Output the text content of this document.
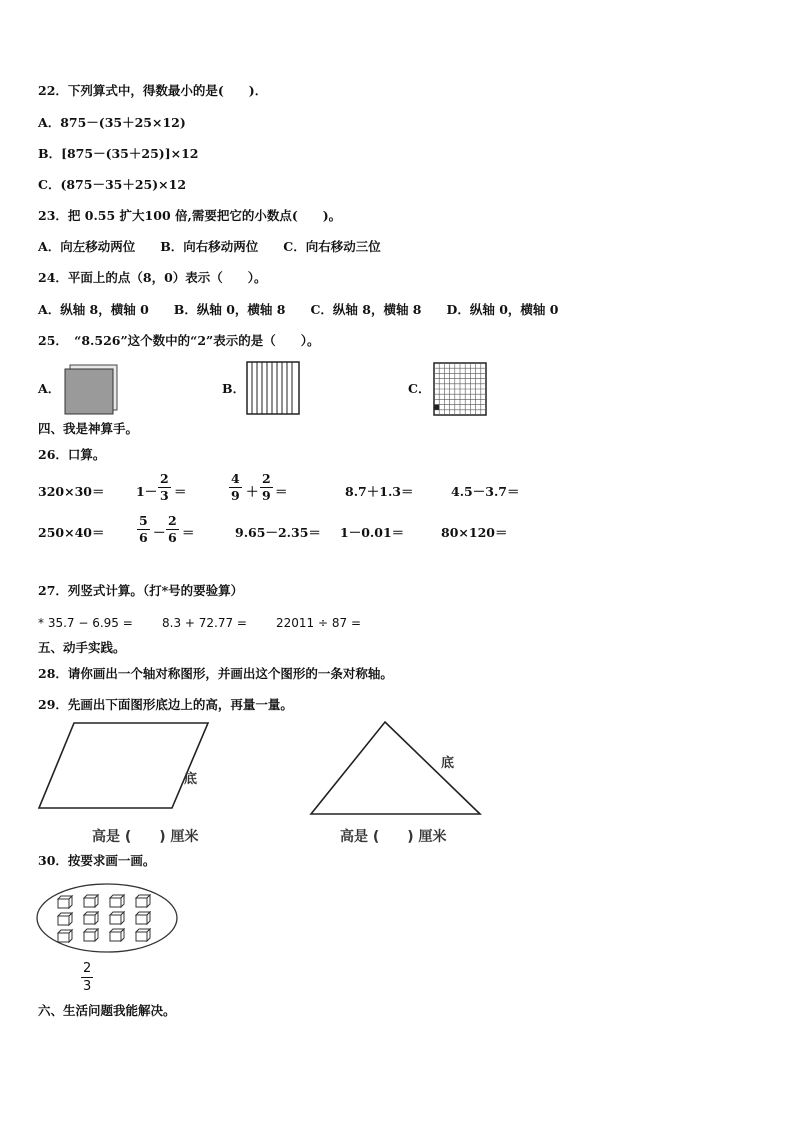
22．下列算式中，得数最小的是(　　)．
A．875－(35＋25×12)
B．[875－(35＋25)]×12
C．(875－35＋25)×12
23．把 0.55 扩大100 倍,需要把它的小数点(　　)。
A．向左移动两位　　B．向右移动两位　　C．向右移动三位
24．平面上的点（8，0）表示（　　）。
A．纵轴 8，横轴 0　　B．纵轴 0，横轴 8　　C．纵轴 8，横轴 8　　D．纵轴 0，横轴 0
25．　“8.526”这个数中的“2”表示的是（　　）。
A．	B．	C．
四、我是神算手。
26．口算。
320×30＝	1－
2
3 ＝
4
9 ＋
2
9 ＝	8.7＋1.3＝	4.5－3.7＝
250×40＝
5
6 －
2
6 ＝	9.65－2.35＝ 1－0.01＝	80×120＝
27．列竖式计算。（打*号的要验算）
* 35.7 − 6.95 = 8.3 + 72.77 = 22011 ÷ 87 =
五、动手实践。
28．请你画出一个轴对称图形，并画出这个图形的一条对称轴。
29．先画出下面图形底边上的高，再量一量。
底
高是 (　　) 厘米
底
高是 (　　) 厘米
30．按要求画一画。
2
3
六、生活问题我能解决。
